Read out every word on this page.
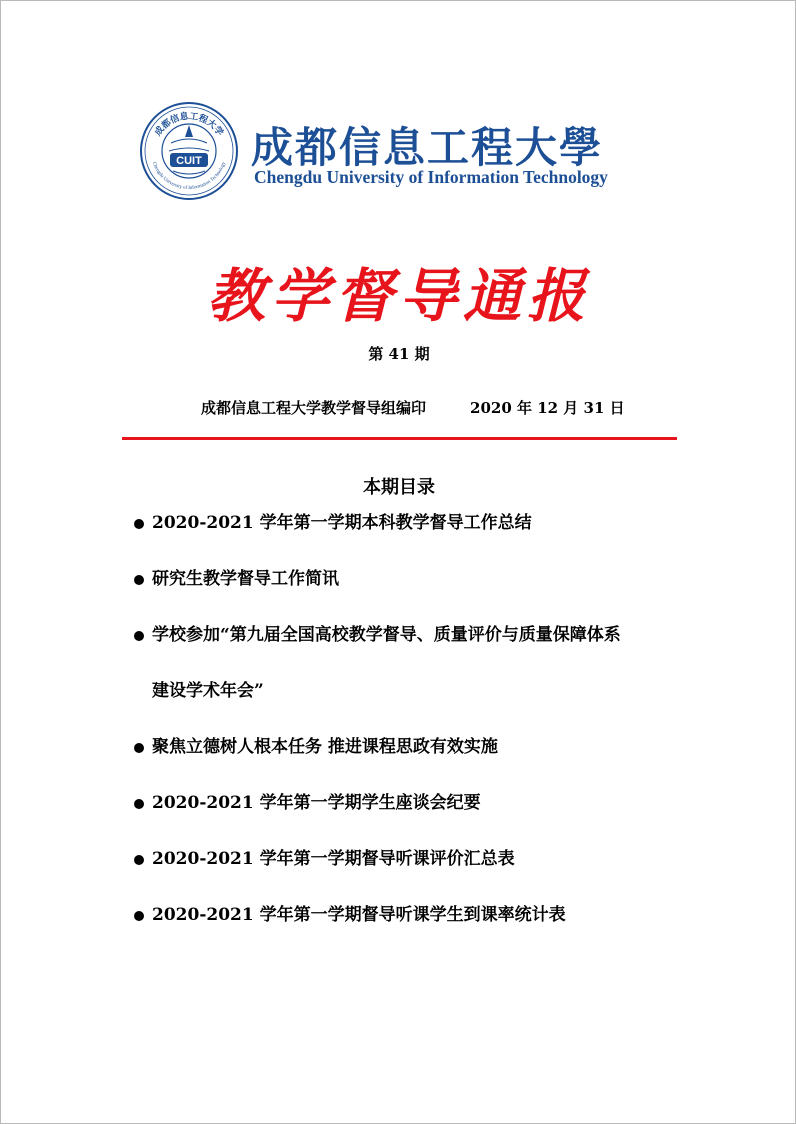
成都信息工程大学
Chengdu University of Information Technology
CUIT 成都信息工程大學
Chengdu University of Information Technology
教学督导通报
第 41 期
成都信息工程大学教学督导组编印	2020 年 12 月 31 日
本期目录
2020-2021 学年第一学期本科教学督导工作总结
研究生教学督导工作简讯
学校参加“第九届全国高校教学督导、质量评价与质量保障体系
建设学术年会”
聚焦立德树人根本任务 推进课程思政有效实施
2020-2021 学年第一学期学生座谈会纪要
2020-2021 学年第一学期督导听课评价汇总表
2020-2021 学年第一学期督导听课学生到课率统计表
